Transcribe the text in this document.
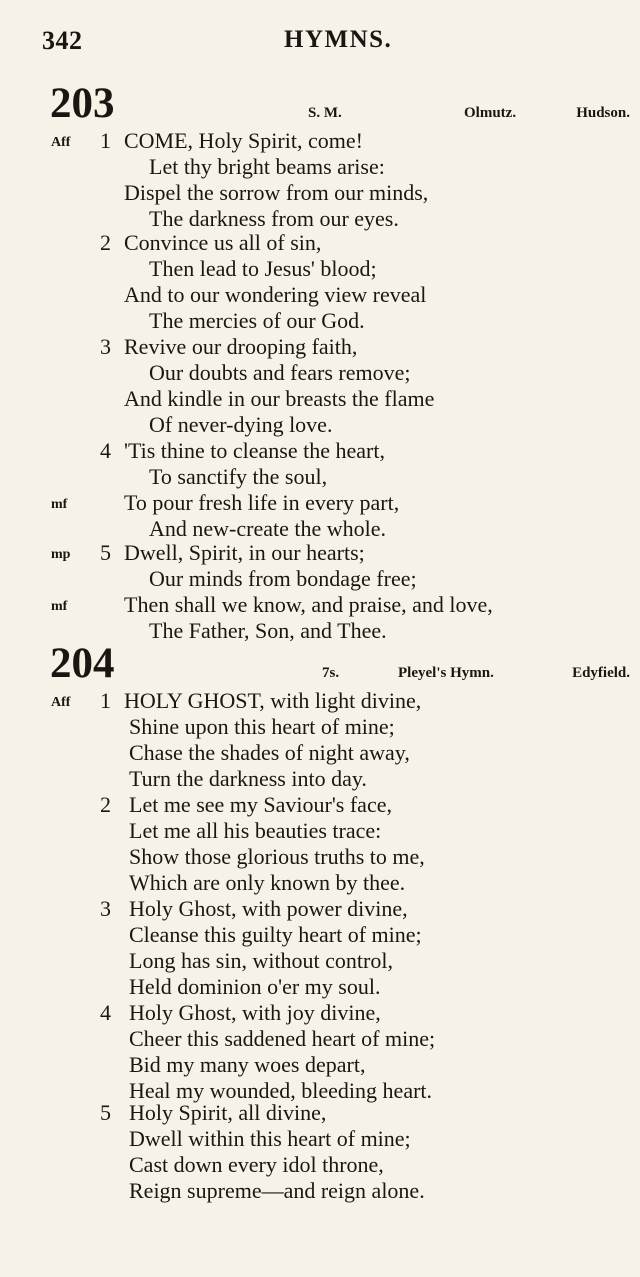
342	HYMNS.
203	S. M.	Olmutz.	Hudson.
Aff 1 COME, Holy Spirit, come!
Let thy bright beams arise:
Dispel the sorrow from our minds,
The darkness from our eyes.
2 Convince us all of sin,
Then lead to Jesus' blood;
And to our wondering view reveal
The mercies of our God.
3 Revive our drooping faith,
Our doubts and fears remove;
And kindle in our breasts the flame
Of never-dying love.
4 'Tis thine to cleanse the heart,
To sanctify the soul,
mf	To pour fresh life in every part,
And new-create the whole.
mp 5 Dwell, Spirit, in our hearts;
Our minds from bondage free;
mf	Then shall we know, and praise, and love,
The Father, Son, and Thee.
204	7s.	Pleyel's Hymn.	Edyfield.
Aff 1 HOLY GHOST, with light divine,
Shine upon this heart of mine;
Chase the shades of night away,
Turn the darkness into day.
2 Let me see my Saviour's face,
Let me all his beauties trace:
Show those glorious truths to me,
Which are only known by thee.
3 Holy Ghost, with power divine,
Cleanse this guilty heart of mine;
Long has sin, without control,
Held dominion o'er my soul.
4 Holy Ghost, with joy divine,
Cheer this saddened heart of mine;
Bid my many woes depart,
Heal my wounded, bleeding heart.
5 Holy Spirit, all divine,
Dwell within this heart of mine;
Cast down every idol throne,
Reign supreme—and reign alone.
